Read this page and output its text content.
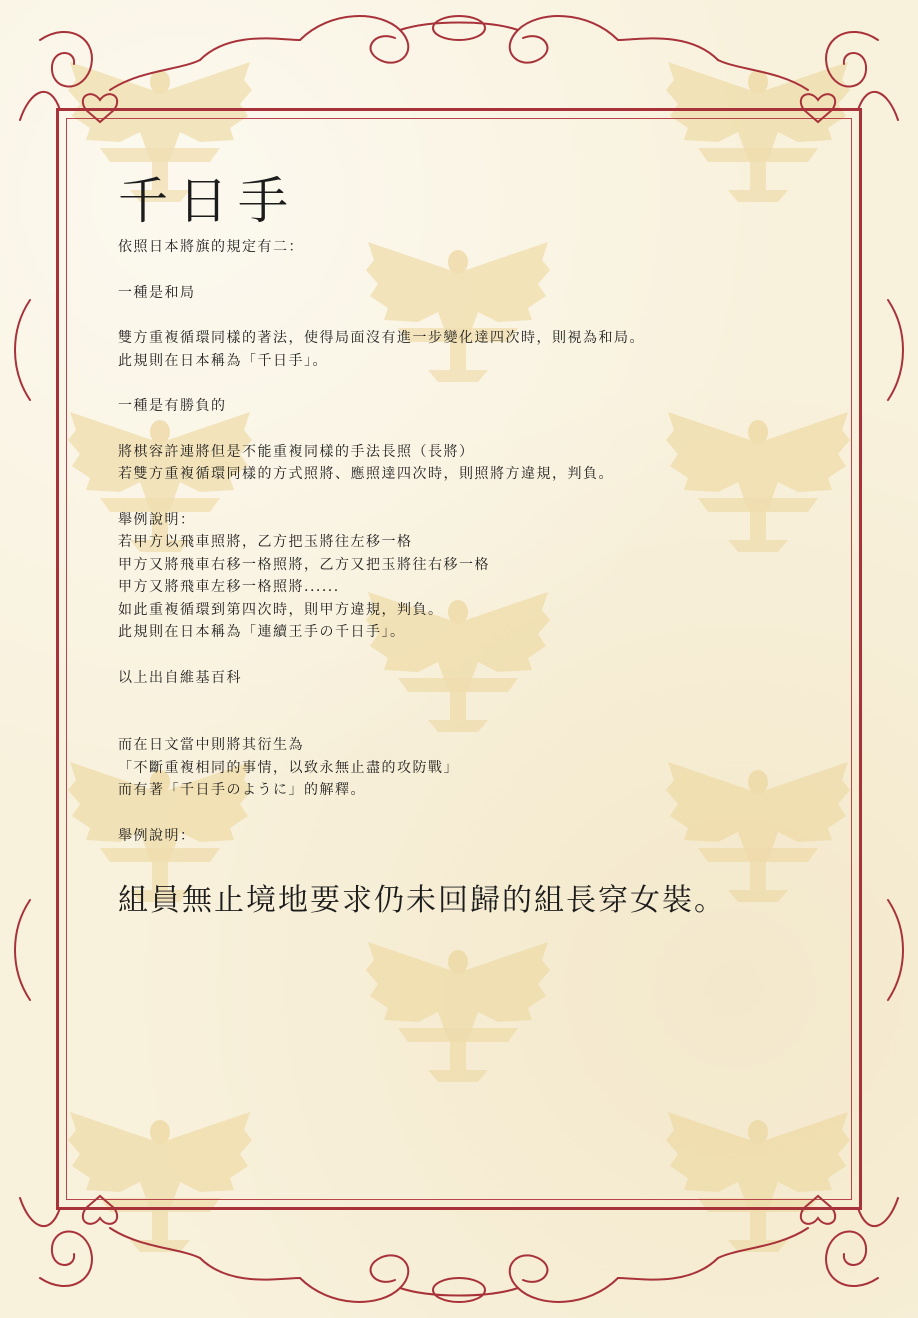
千日手

依照日本將旗的規定有二：

一種是和局

雙方重複循環同樣的著法，使得局面沒有進一步變化達四次時，則視為和局。
此規則在日本稱為「千日手」。

一種是有勝負的

將棋容許連將但是不能重複同樣的手法長照（長將）
若雙方重複循環同樣的方式照將、應照達四次時，則照將方違規，判負。

舉例說明：
若甲方以飛車照將，乙方把玉將往左移一格
甲方又將飛車右移一格照將，乙方又把玉將往右移一格
甲方又將飛車左移一格照將......
如此重複循環到第四次時，則甲方違規，判負。
此規則在日本稱為「連續王手の千日手」。

以上出自維基百科

而在日文當中則將其衍生為
「不斷重複相同的事情，以致永無止盡的攻防戰」
而有著「千日手のように」的解釋。

舉例說明：

組員無止境地要求仍未回歸的組長穿女裝。
